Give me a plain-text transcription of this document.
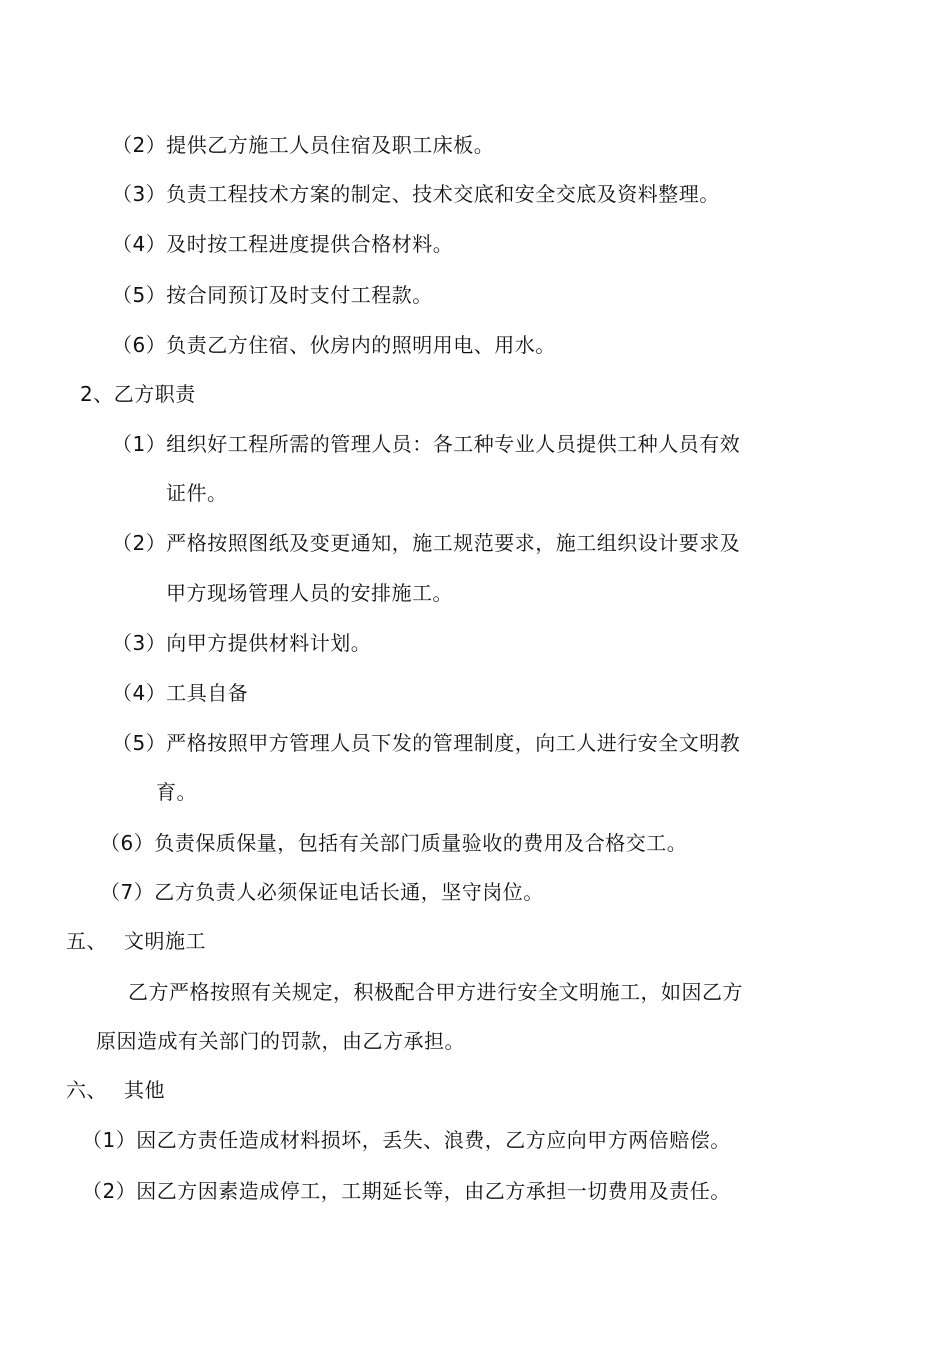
（2）提供乙方施工人员住宿及职工床板。
（3）负责工程技术方案的制定、技术交底和安全交底及资料整理。
（4）及时按工程进度提供合格材料。
（5）按合同预订及时支付工程款。
（6）负责乙方住宿、伙房内的照明用电、用水。
2、乙方职责
（1）组织好工程所需的管理人员：各工种专业人员提供工种人员有效
证件。
（2）严格按照图纸及变更通知，施工规范要求，施工组织设计要求及
甲方现场管理人员的安排施工。
（3）向甲方提供材料计划。
（4）工具自备
（5）严格按照甲方管理人员下发的管理制度，向工人进行安全文明教
育。
（6）负责保质保量，包括有关部门质量验收的费用及合格交工。
（7）乙方负责人必须保证电话长通，坚守岗位。
五、 文明施工
乙方严格按照有关规定，积极配合甲方进行安全文明施工，如因乙方
原因造成有关部门的罚款，由乙方承担。
六、 其他
（1）因乙方责任造成材料损坏，丢失、浪费，乙方应向甲方两倍赔偿。
（2）因乙方因素造成停工，工期延长等，由乙方承担一切费用及责任。
